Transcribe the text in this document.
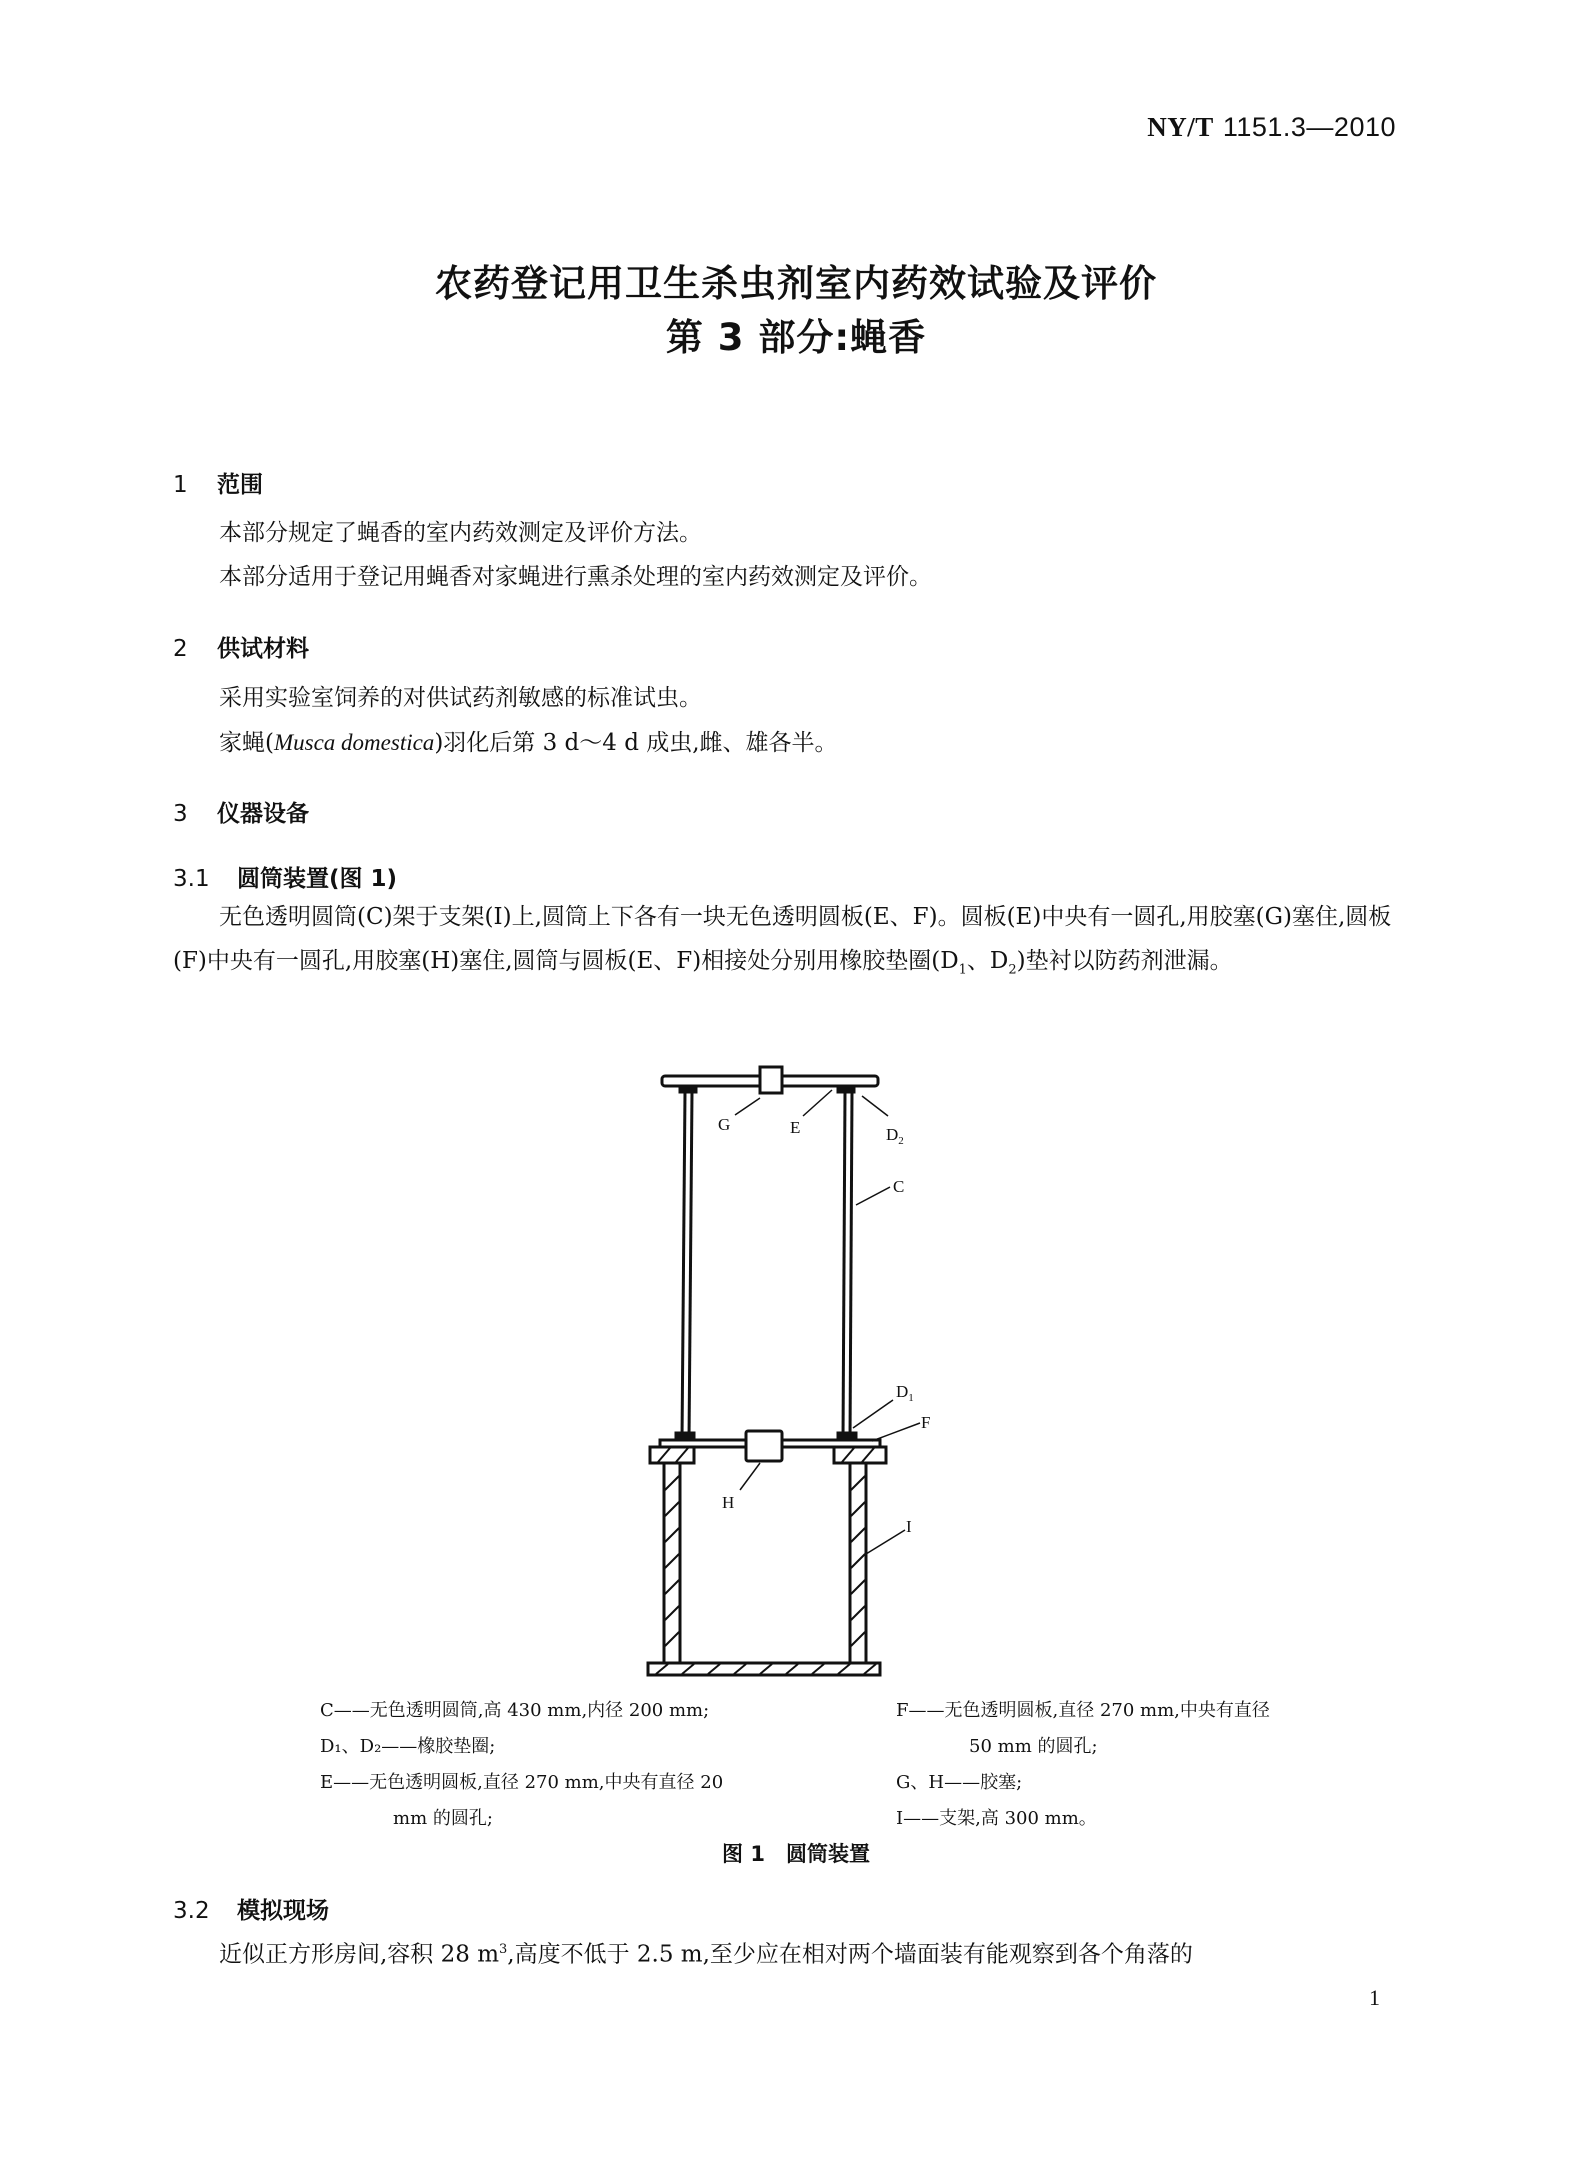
NY/T 1151.3—2010
农药登记用卫生杀虫剂室内药效试验及评价
第 3 部分:蝇香
1 范围
本部分规定了蝇香的室内药效测定及评价方法。
本部分适用于登记用蝇香对家蝇进行熏杀处理的室内药效测定及评价。
2 供试材料
采用实验室饲养的对供试药剂敏感的标准试虫。
家蝇(Musca domestica)羽化后第 3 d～4 d 成虫,雌、雄各半。
3 仪器设备
3.1 圆筒装置(图 1)
无色透明圆筒(C)架于支架(I)上,圆筒上下各有一块无色透明圆板(E、F)。圆板(E)中央有一圆孔,用胶塞(G)塞住,圆板(F)中央有一圆孔,用胶塞(H)塞住,圆筒与圆板(E、F)相接处分别用橡胶垫圈($D_1$、$D_2$)垫衬以防药剂泄漏。
G	E	$D_2$
C
$D_1$
F
H
I
C——无色透明圆筒,高 430 mm,内径 200 mm;
D₁、D₂——橡胶垫圈;
E——无色透明圆板,直径 270 mm,中央有直径 20
mm 的圆孔;
F——无色透明圆板,直径 270 mm,中央有直径
50 mm 的圆孔;
G、H——胶塞;
I——支架,高 300 mm。
图 1　圆筒装置
3.2 模拟现场
近似正方形房间,容积 28 $m^3$,高度不低于 2.5 m,至少应在相对两个墙面装有能观察到各个角落的
1
